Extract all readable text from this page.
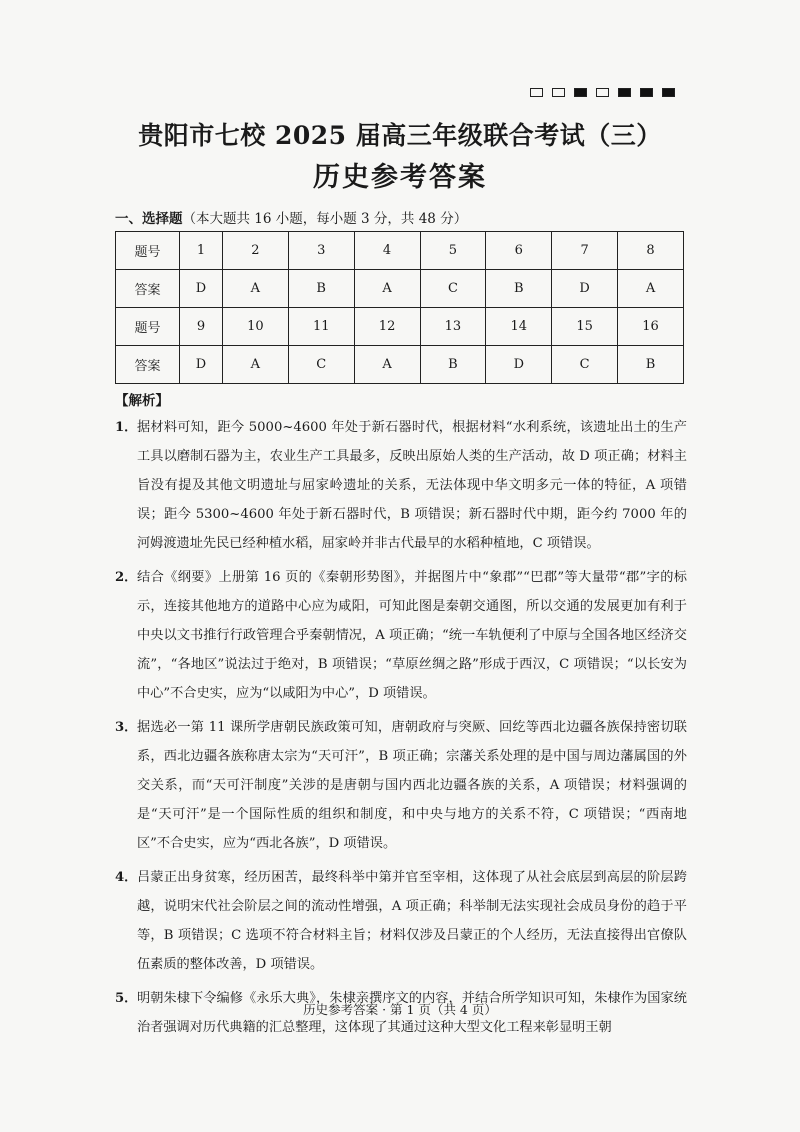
贵阳市七校 2025 届高三年级联合考试（三）
历史参考答案
一、选择题（本大题共 16 小题，每小题 3 分，共 48 分）
题号	1	2	3	4	5	6	7	8
答案	D	A	B	A	C	B	D	A
题号	9	10	11	12	13	14	15	16
答案	D	A	C	A	B	D	C	B
【解析】
1． 据材料可知，距今 5000~4600 年处于新石器时代，根据材料“水利系统，该遗址出土的生产工具以磨制石器为主，农业生产工具最多，反映出原始人类的生产活动，故 D 项正确；材料主旨没有提及其他文明遗址与屈家岭遗址的关系，无法体现中华文明多元一体的特征，A 项错误；距今 5300~4600 年处于新石器时代，B 项错误；新石器时代中期，距今约 7000 年的河姆渡遗址先民已经种植水稻，屈家岭并非古代最早的水稻种植地，C 项错误。
2． 结合《纲要》上册第 16 页的《秦朝形势图》，并据图片中“象郡”“巴郡”等大量带“郡”字的标示，连接其他地方的道路中心应为咸阳，可知此图是秦朝交通图，所以交通的发展更加有利于中央以文书推行行政管理合乎秦朝情况，A 项正确；“统一车轨便利了中原与全国各地区经济交流”，“各地区”说法过于绝对，B 项错误；“草原丝绸之路”形成于西汉，C 项错误；“以长安为中心”不合史实，应为“以咸阳为中心”，D 项错误。
3． 据选必一第 11 课所学唐朝民族政策可知，唐朝政府与突厥、回纥等西北边疆各族保持密切联系，西北边疆各族称唐太宗为“天可汗”，B 项正确；宗藩关系处理的是中国与周边藩属国的外交关系，而“天可汗制度”关涉的是唐朝与国内西北边疆各族的关系，A 项错误；材料强调的是“天可汗”是一个国际性质的组织和制度，和中央与地方的关系不符，C 项错误；“西南地区”不合史实，应为“西北各族”，D 项错误。
4． 吕蒙正出身贫寒，经历困苦，最终科举中第并官至宰相，这体现了从社会底层到高层的阶层跨越，说明宋代社会阶层之间的流动性增强，A 项正确；科举制无法实现社会成员身份的趋于平等，B 项错误；C 选项不符合材料主旨；材料仅涉及吕蒙正的个人经历，无法直接得出官僚队伍素质的整体改善，D 项错误。
5． 明朝朱棣下令编修《永乐大典》，朱棣亲撰序文的内容，并结合所学知识可知，朱棣作为国家统治者强调对历代典籍的汇总整理，这体现了其通过这种大型文化工程来彰显明王朝
历史参考答案 · 第 1 页（共 4 页）
